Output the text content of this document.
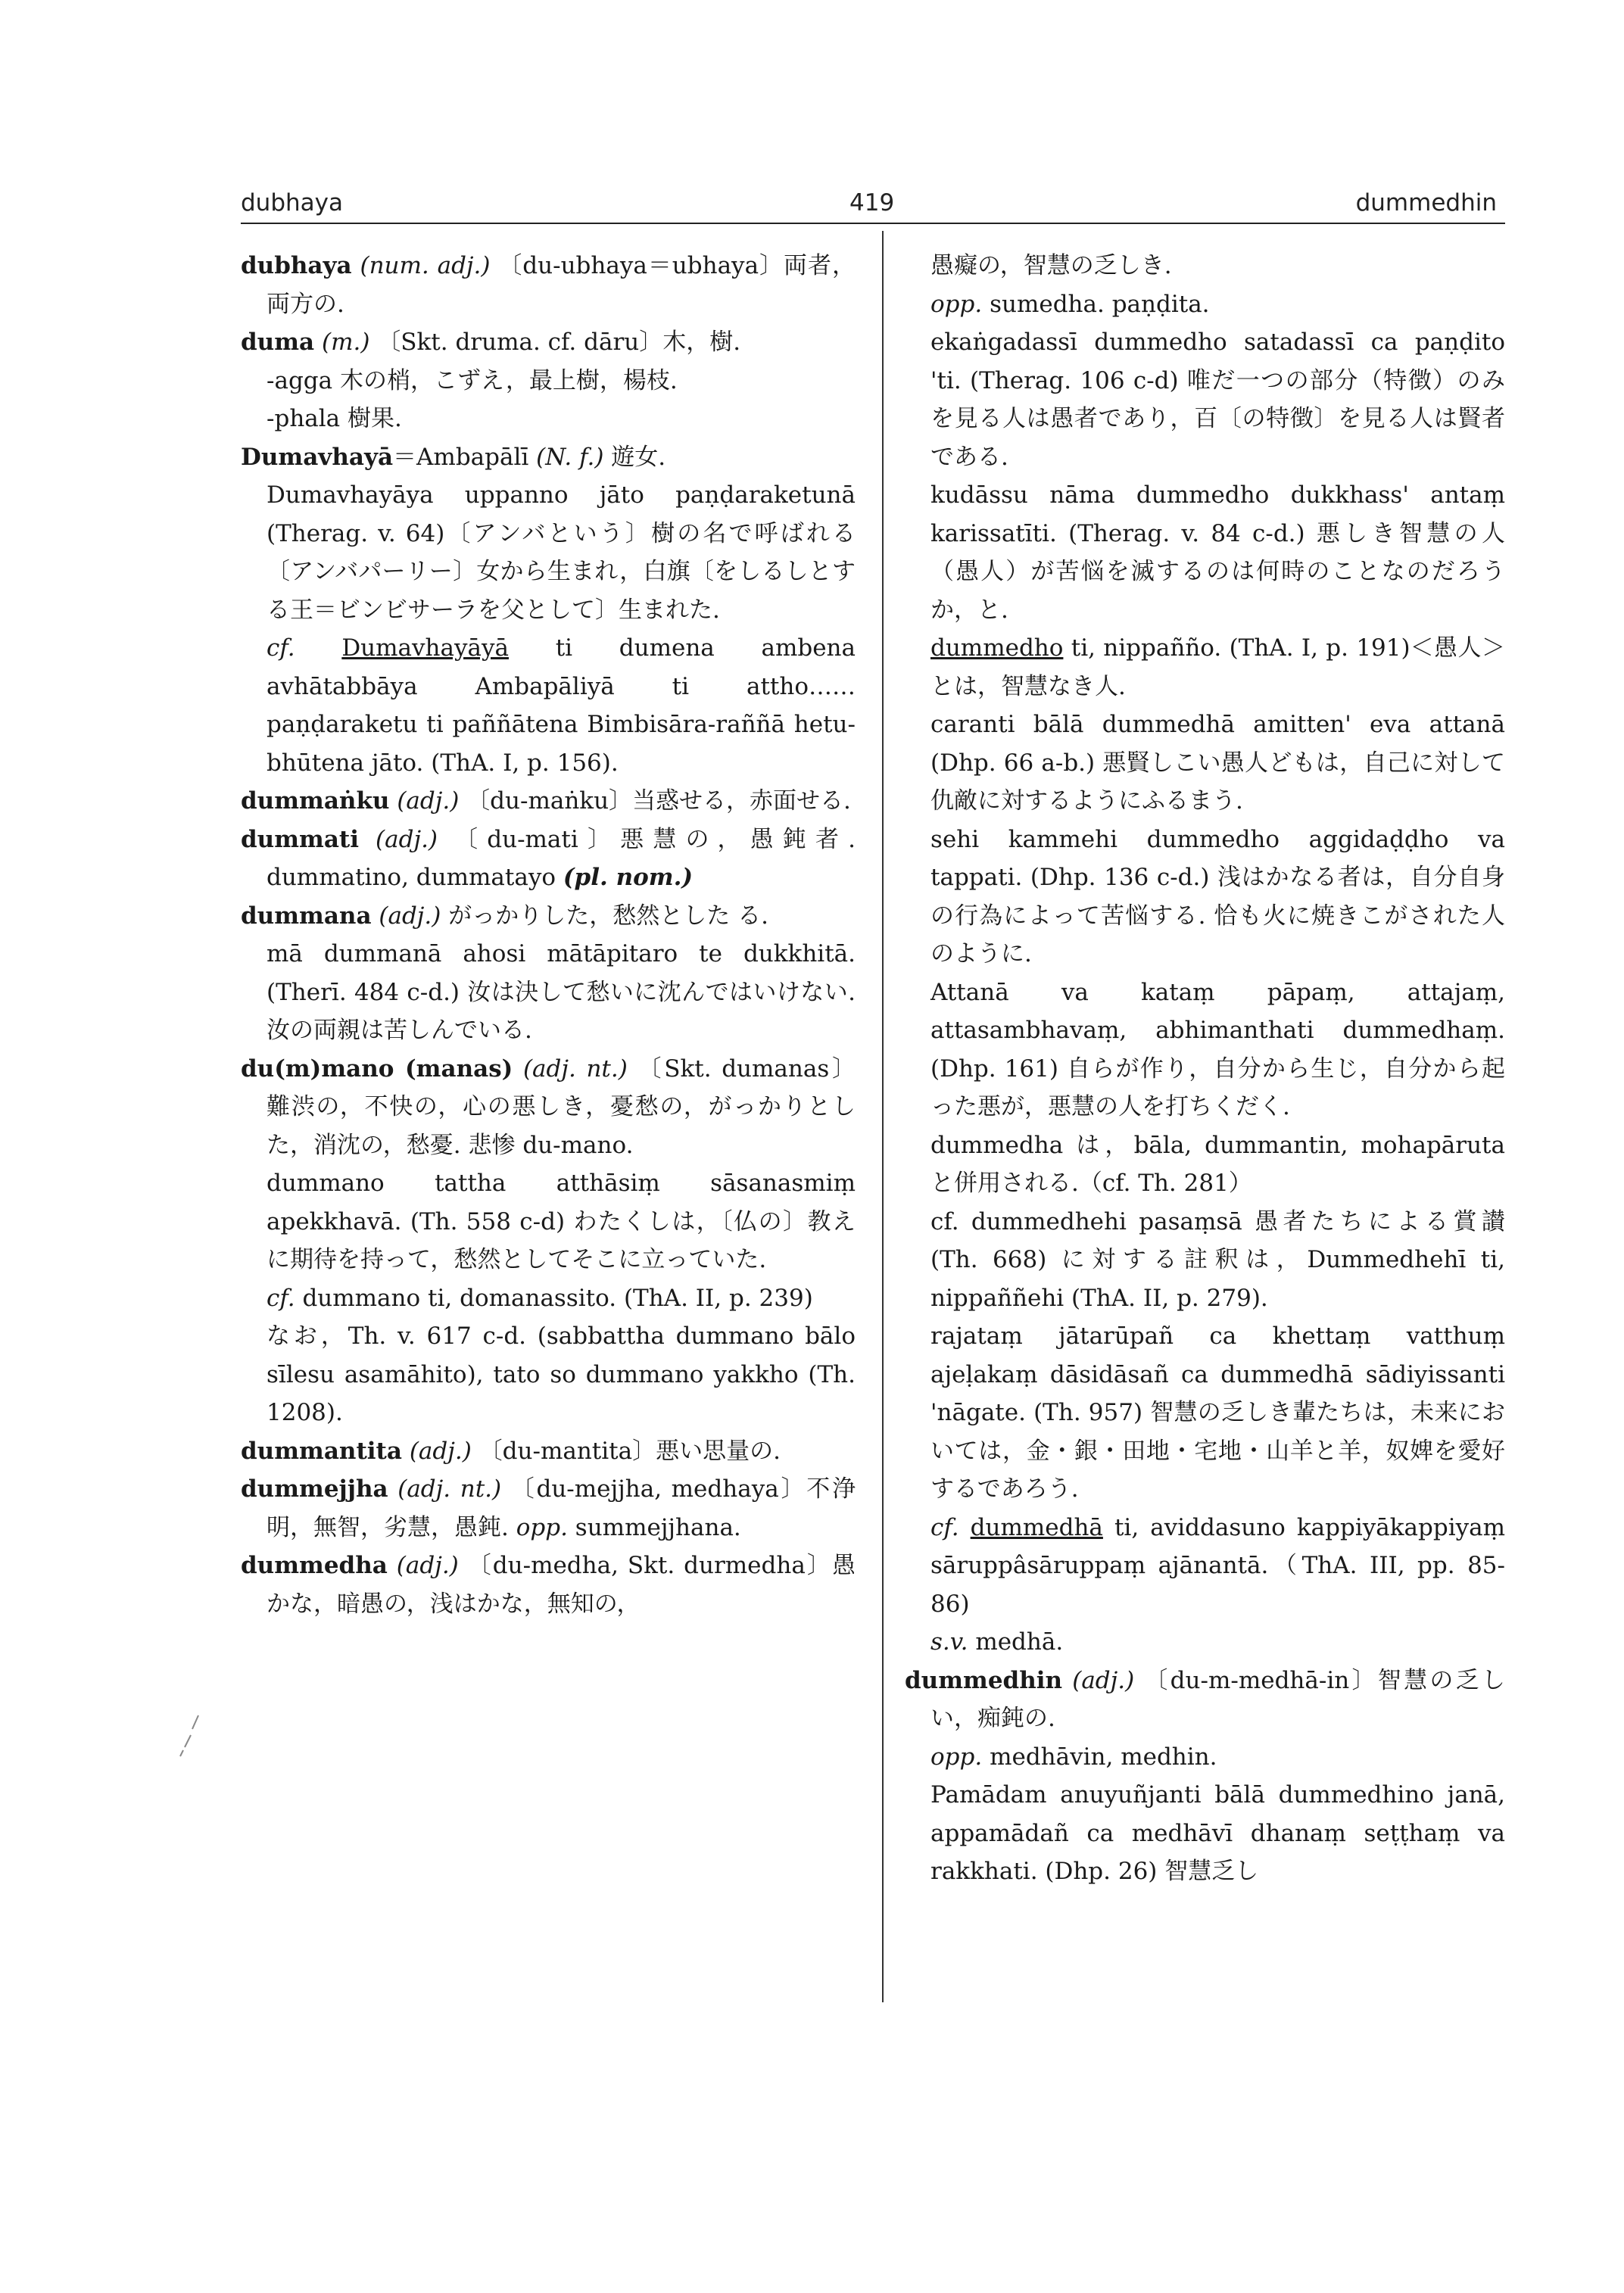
dubhaya	419	dummedhin

dubhaya (num. adj.) 〔du-ubhaya＝ubhaya〕両者，両方の.

duma (m.) 〔Skt. druma. cf. dāru〕木，樹.

-agga 木の梢，こずえ，最上樹，楊枝.

-phala 樹果.

Dumavhayā＝Ambapālī (N. f.) 遊女.

Dumavhayāya uppanno jāto paṇḍaraketunā (Therag. v. 64)〔アンバという〕樹の名で呼ばれる〔アンバパーリー〕女から生まれ，白旗〔をしるしとする王＝ビンビサーラを父として〕生まれた.

cf. Dumavhayāyā ti dumena ambena avhātabbāya Ambapāliyā ti attho……paṇḍaraketu ti paññātena Bimbisāra-raññā hetu-bhūtena jāto. (ThA. I, p. 156).

dummaṅku (adj.) 〔du-maṅku〕当惑せる，赤面せる.

dummati (adj.) 〔du-mati〕悪慧の，愚鈍者. dummatino, dummatayo (pl. nom.)

dummana (adj.) がっかりした，愁然とした る.

mā dummanā ahosi mātāpitaro te dukkhitā. (Therī. 484 c-d.) 汝は決して愁いに沈んではいけない. 汝の両親は苦しんでいる.

du(m)mano (manas) (adj. nt.) 〔Skt. dumanas〕難渋の，不快の，心の悪しき，憂愁の，がっかりとした，消沈の，愁憂. 悲惨 du-mano.

dummano tattha atthāsiṃ sāsanasmiṃ apekkhavā. (Th. 558 c-d) わたくしは，〔仏の〕教えに期待を持って，愁然としてそこに立っていた.

cf. dummano ti, domanassito. (ThA. II, p. 239)

なお，Th. v. 617 c-d. (sabbattha dummano bālo sīlesu asamāhito), tato so dummano yakkho (Th. 1208).

dummantita (adj.) 〔du-mantita〕悪い思量の.

dummejjha (adj. nt.) 〔du-mejjha, medhaya〕不浄明，無智，劣慧，愚鈍. opp. summejjhana.

dummedha (adj.) 〔du-medha, Skt. durmedha〕愚かな，暗愚の，浅はかな，無知の，

愚癡の，智慧の乏しき.

opp. sumedha. paṇḍita.

ekaṅgadassī dummedho satadassī ca paṇḍito 'ti. (Therag. 106 c-d) 唯だ一つの部分（特徴）のみを見る人は愚者であり，百〔の特徴〕を見る人は賢者である.

kudāssu nāma dummedho dukkhass' antaṃ karissatīti. (Therag. v. 84 c-d.) 悪しき智慧の人（愚人）が苦悩を滅するのは何時のことなのだろうか，と.

dummedho ti, nippañño. (ThA. I, p. 191)＜愚人＞とは，智慧なき人.

caranti bālā dummedhā amitten' eva attanā (Dhp. 66 a-b.) 悪賢しこい愚人どもは，自己に対して仇敵に対するようにふるまう.

sehi kammehi dummedho aggidaḍḍho va tappati. (Dhp. 136 c-d.) 浅はかなる者は，自分自身の行為によって苦悩する. 恰も火に焼きこがされた人のように.

Attanā va kataṃ pāpaṃ, attajaṃ, attasambhavaṃ, abhimanthati dummedhaṃ. (Dhp. 161) 自らが作り，自分から生じ，自分から起った悪が，悪慧の人を打ちくだく.

dummedha は，bāla, dummantin, mohapāruta と併用される.（cf. Th. 281）

cf. dummedhehi pasaṃsā 愚者たちによる賞讃 (Th. 668) に対する註釈は，Dummedhehī ti, nippaññehi (ThA. II, p. 279).

rajataṃ jātarūpañ ca khettaṃ vatthuṃ ajeḷakaṃ dāsidāsañ ca dummedhā sādiyissanti 'nāgate. (Th. 957) 智慧の乏しき輩たちは，未来においては，金・銀・田地・宅地・山羊と羊，奴婢を愛好するであろう.

cf. dummedhā ti, aviddasuno kappiyākappiyaṃ sāruppâsāruppaṃ ajānantā.（ThA. III, pp. 85-86)

s.v. medhā.

dummedhin (adj.) 〔du-m-medhā-in〕智慧の乏しい，痴鈍の.

opp. medhāvin, medhin.

Pamādam anuyuñjanti bālā dummedhino janā, appamādañ ca medhāvī dhanaṃ seṭṭhaṃ va rakkhati. (Dhp. 26) 智慧乏し
